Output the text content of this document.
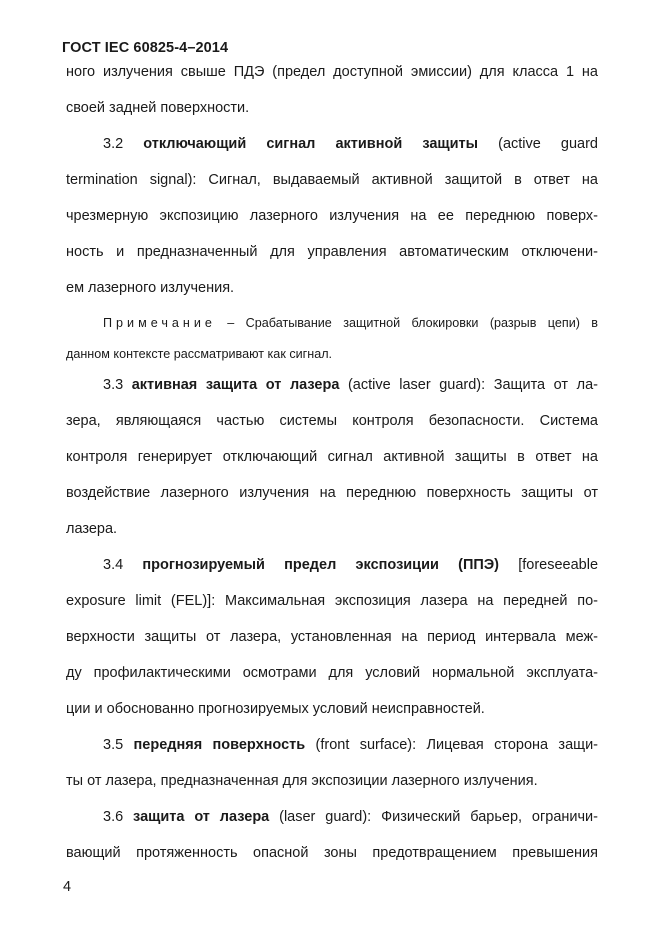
ГОСТ IEC 60825-4–2014
ного излучения свыше ПДЭ (предел доступной эмиссии) для класса 1 на
своей задней поверхности.
3.2 отключающий сигнал активной защиты (active guard
termination signal): Сигнал, выдаваемый активной защитой в ответ на
чрезмерную экспозицию лазерного излучения на ее переднюю поверх-
ность и предназначенный для управления автоматическим отключени-
ем лазерного излучения.
Примечание – Срабатывание защитной блокировки (разрыв цепи) в
данном контексте рассматривают как сигнал.
3.3 активная защита от лазера (active laser guard): Защита от ла-
зера, являющаяся частью системы контроля безопасности. Система
контроля генерирует отключающий сигнал активной защиты в ответ на
воздействие лазерного излучения на переднюю поверхность защиты от
лазера.
3.4 прогнозируемый предел экспозиции (ППЭ) [foreseeable
exposure limit (FEL)]: Максимальная экспозиция лазера на передней по-
верхности защиты от лазера, установленная на период интервала меж-
ду профилактическими осмотрами для условий нормальной эксплуата-
ции и обоснованно прогнозируемых условий неисправностей.
3.5 передняя поверхность (front surface): Лицевая сторона защи-
ты от лазера, предназначенная для экспозиции лазерного излучения.
3.6 защита от лазера (laser guard): Физический барьер, ограничи-
вающий протяженность опасной зоны предотвращением превышения
4
